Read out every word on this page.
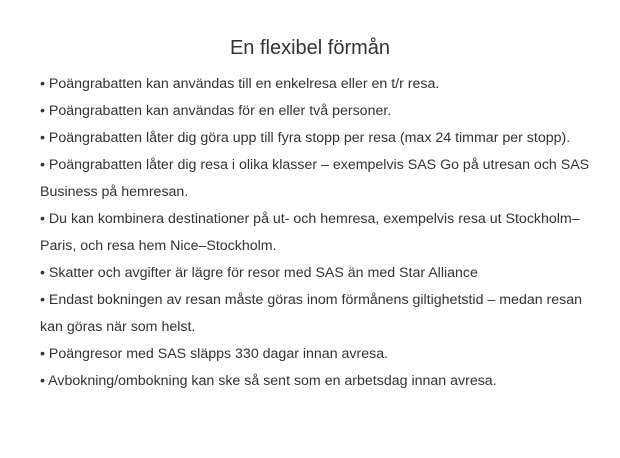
En flexibel förmån
• Poängrabatten kan användas till en enkelresa eller en t/r resa.
• Poängrabatten kan användas för en eller två personer.
• Poängrabatten låter dig göra upp till fyra stopp per resa (max 24 timmar per stopp).
• Poängrabatten låter dig resa i olika klasser – exempelvis SAS Go på utresan och SAS Business på hemresan.
• Du kan kombinera destinationer på ut- och hemresa, exempelvis resa ut Stockholm–Paris, och resa hem Nice–Stockholm.
• Skatter och avgifter är lägre för resor med SAS än med Star Alliance
• Endast bokningen av resan måste göras inom förmånens giltighetstid – medan resan kan göras när som helst.
• Poängresor med SAS släpps 330 dagar innan avresa.
• Avbokning/ombokning kan ske så sent som en arbetsdag innan avresa.
